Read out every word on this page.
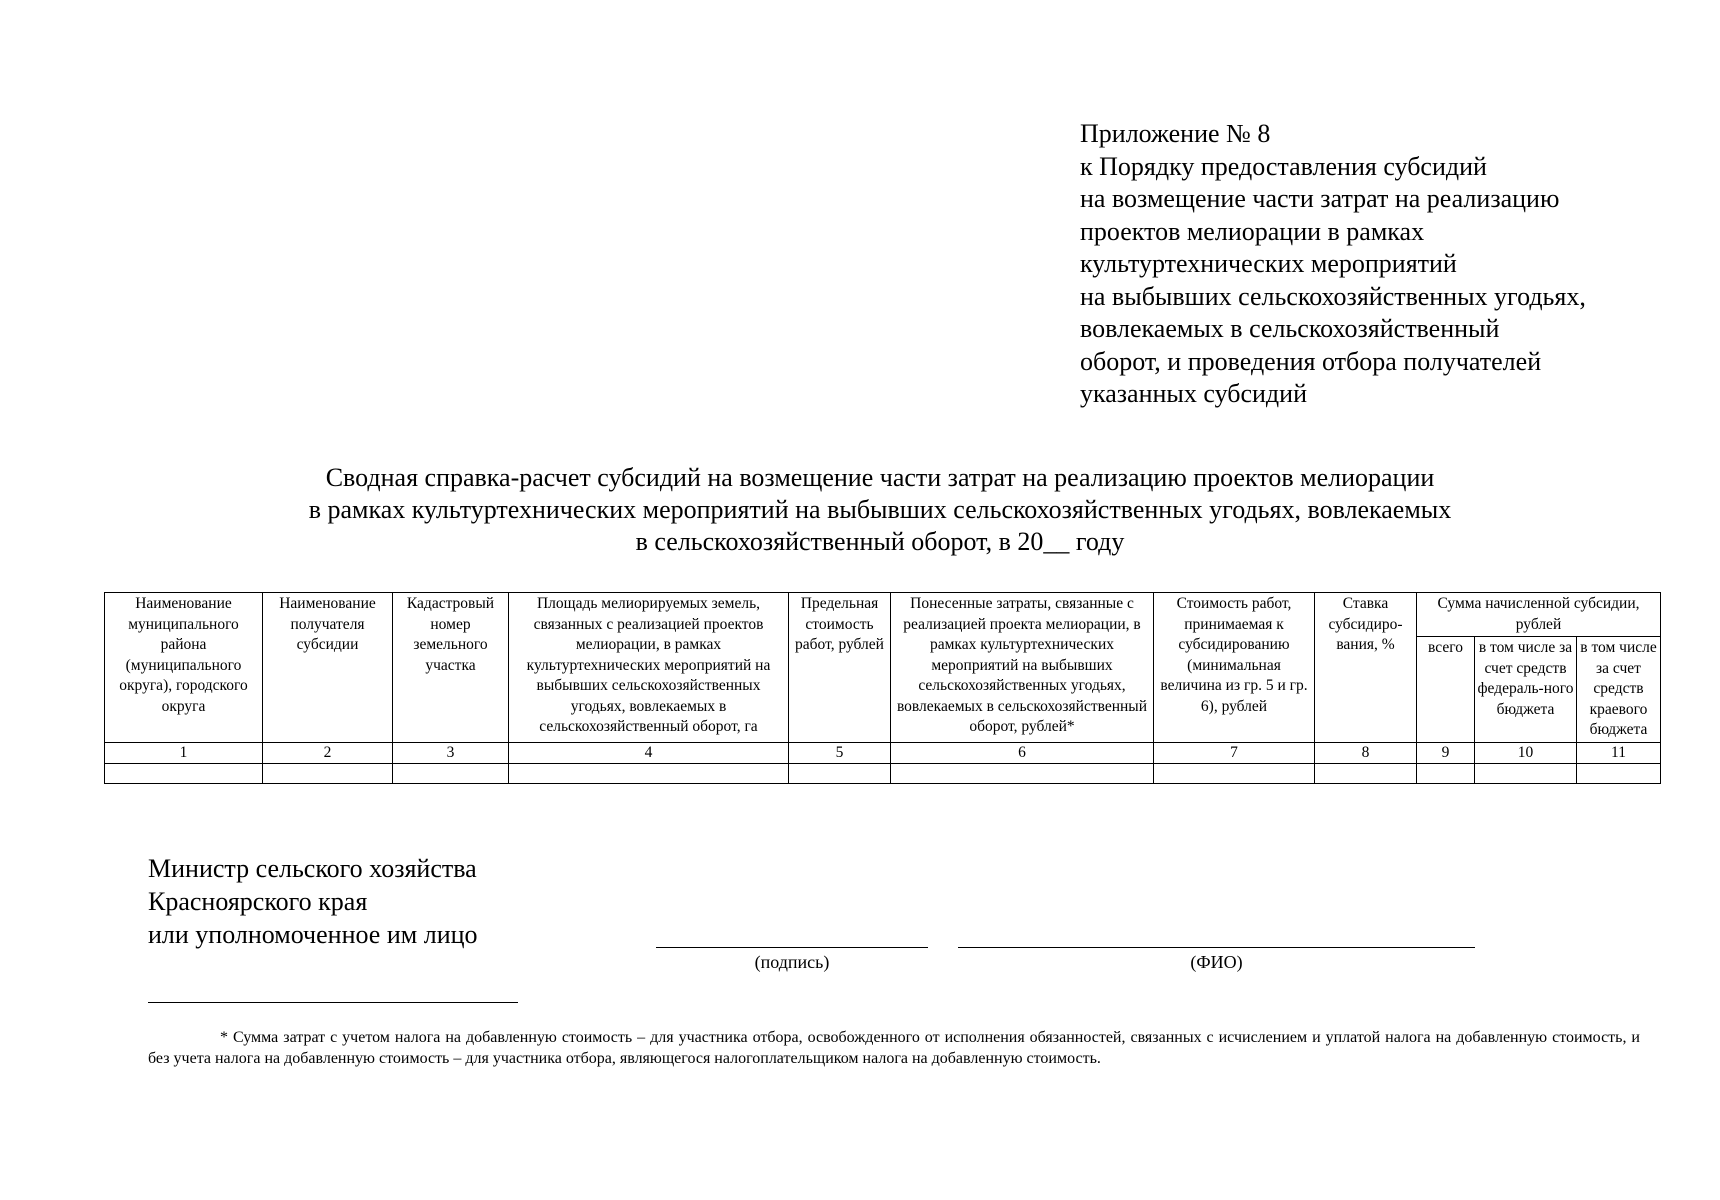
Приложение № 8
к Порядку предоставления субсидий
на возмещение части затрат на реализацию
проектов мелиорации в рамках
культуртехнических мероприятий
на выбывших сельскохозяйственных угодьях,
вовлекаемых в сельскохозяйственный
оборот, и проведения отбора получателей
указанных субсидий
Сводная справка-расчет субсидий на возмещение части затрат на реализацию проектов мелиорации
в рамках культуртехнических мероприятий на выбывших сельскохозяйственных угодьях, вовлекаемых
в сельскохозяйственный оборот, в 20__ году
Наименование муниципального района (муниципального округа), городского округа	Наименование получателя субсидии	Кадастровый номер земельного участка	Площадь мелиорируемых земель, связанных с реализацией проектов мелиорации, в рамках культуртехнических мероприятий на выбывших сельскохозяйственных угодьях, вовлекаемых в сельскохозяйственный оборот, га	Предельная стоимость работ, рублей	Понесенные затраты, связанные с реализацией проекта мелиорации, в рамках культуртехнических мероприятий на выбывших сельскохозяйственных угодьях, вовлекаемых в сельскохозяйственный оборот, рублей*	Стоимость работ, принимаемая к субсидированию (минимальная величина из гр. 5 и гр. 6), рублей	Ставка субсидиро-вания, %	Сумма начисленной субсидии, рублей		
								всего	в том числе за счет средств федераль-ного бюджета	в том числе за счет средств краевого бюджета
1	2	3	4	5	6	7	8	9	10	11

Министр сельского хозяйства
Красноярского края
или уполномоченное им лицо
(подпись)	(ФИО)
* Сумма затрат с учетом налога на добавленную стоимость – для участника отбора, освобожденного от исполнения обязанностей, связанных с исчислением и уплатой налога на добавленную стоимость, и без учета налога на добавленную стоимость – для участника отбора, являющегося налогоплательщиком налога на добавленную стоимость.
